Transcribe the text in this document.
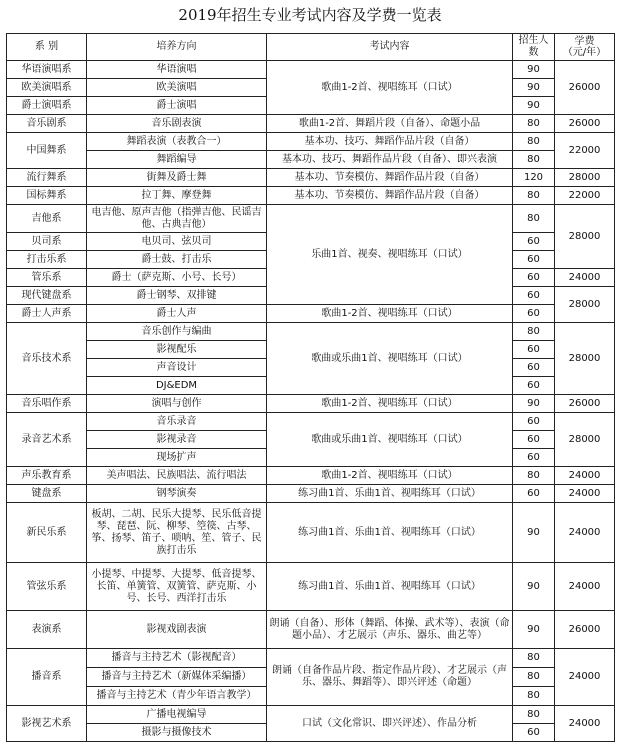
2019年招生专业考试内容及学费一览表
系 别	培养方向	考试内容	招生人数	学费
（元/年）
华语演唱系	华语演唱	歌曲1-2首、视唱练耳（口试）	90	26000
欧美演唱系	欧美演唱		90	
爵士演唱系	爵士演唱		90	
音乐剧系	音乐剧表演	歌曲1-2首、舞蹈片段（自备）、命题小品	80	26000
中国舞系	舞蹈表演（表教合一）	基本功、技巧、舞蹈作品片段（自备）	80	22000
	舞蹈编导	基本功、技巧、舞蹈作品片段（自备）、即兴表演	80	
流行舞系	街舞及爵士舞	基本功、节奏模仿、舞蹈作品片段（自备）	120	28000
国标舞系	拉丁舞、摩登舞	基本功、节奏模仿、舞蹈作品片段（自备）	80	22000
吉他系	电吉他、原声吉他（指弹吉他、民谣吉他、古典吉他）	乐曲1首、视奏、视唱练耳（口试）	80	28000
贝司系	电贝司、弦贝司		60	
打击乐系	爵士鼓、打击乐		60	
管乐系	爵士（萨克斯、小号、长号）		60	24000
现代键盘系	爵士钢琴、双排键		60	28000
爵士人声系	爵士人声	歌曲1-2首、视唱练耳（口试）	60	
音乐技术系	音乐创作与编曲	歌曲或乐曲1首、视唱练耳（口试）	80	28000
	影视配乐		60	
	声音设计		60	
	DJ&EDM		60	
音乐唱作系	演唱与创作	歌曲1-2首、视唱练耳（口试）	90	26000
录音艺术系	音乐录音	歌曲或乐曲1首、视唱练耳（口试）	60	28000
	影视录音		60	
	现场扩声		60	
声乐教育系	美声唱法、民族唱法、流行唱法	歌曲1-2首、视唱练耳（口试）	80	24000
键盘系	钢琴演奏	练习曲1首、乐曲1首、视唱练耳（口试）	60	24000
新民乐系	板胡、二胡、民乐大提琴、民乐低音提琴、琵琶、阮、柳琴、箜篌、古琴、筝、扬琴、笛子、唢呐、笙、管子、民族打击乐	练习曲1首、乐曲1首、视唱练耳（口试）	90	24000
管弦乐系	小提琴、中提琴、大提琴、低音提琴、长笛、单簧管、双簧管、萨克斯、小号、长号、西洋打击乐	练习曲1首、乐曲1首、视唱练耳（口试）	90	24000
表演系	影视戏剧表演	朗诵（自备）、形体（舞蹈、体操、武术等）、表演（命题小品）、才艺展示（声乐、器乐、曲艺等）	90	26000
播音系	播音与主持艺术（影视配音）	朗诵（自备作品片段、指定作品片段）、才艺展示（声乐、器乐、舞蹈等）、即兴评述（命题）	80	24000
	播音与主持艺术（新媒体采编播）		80	
	播音与主持艺术（青少年语言教学）		80	
影视艺术系	广播电视编导	口试（文化常识、即兴评述）、作品分析	80	24000
	摄影与摄像技术		60	
